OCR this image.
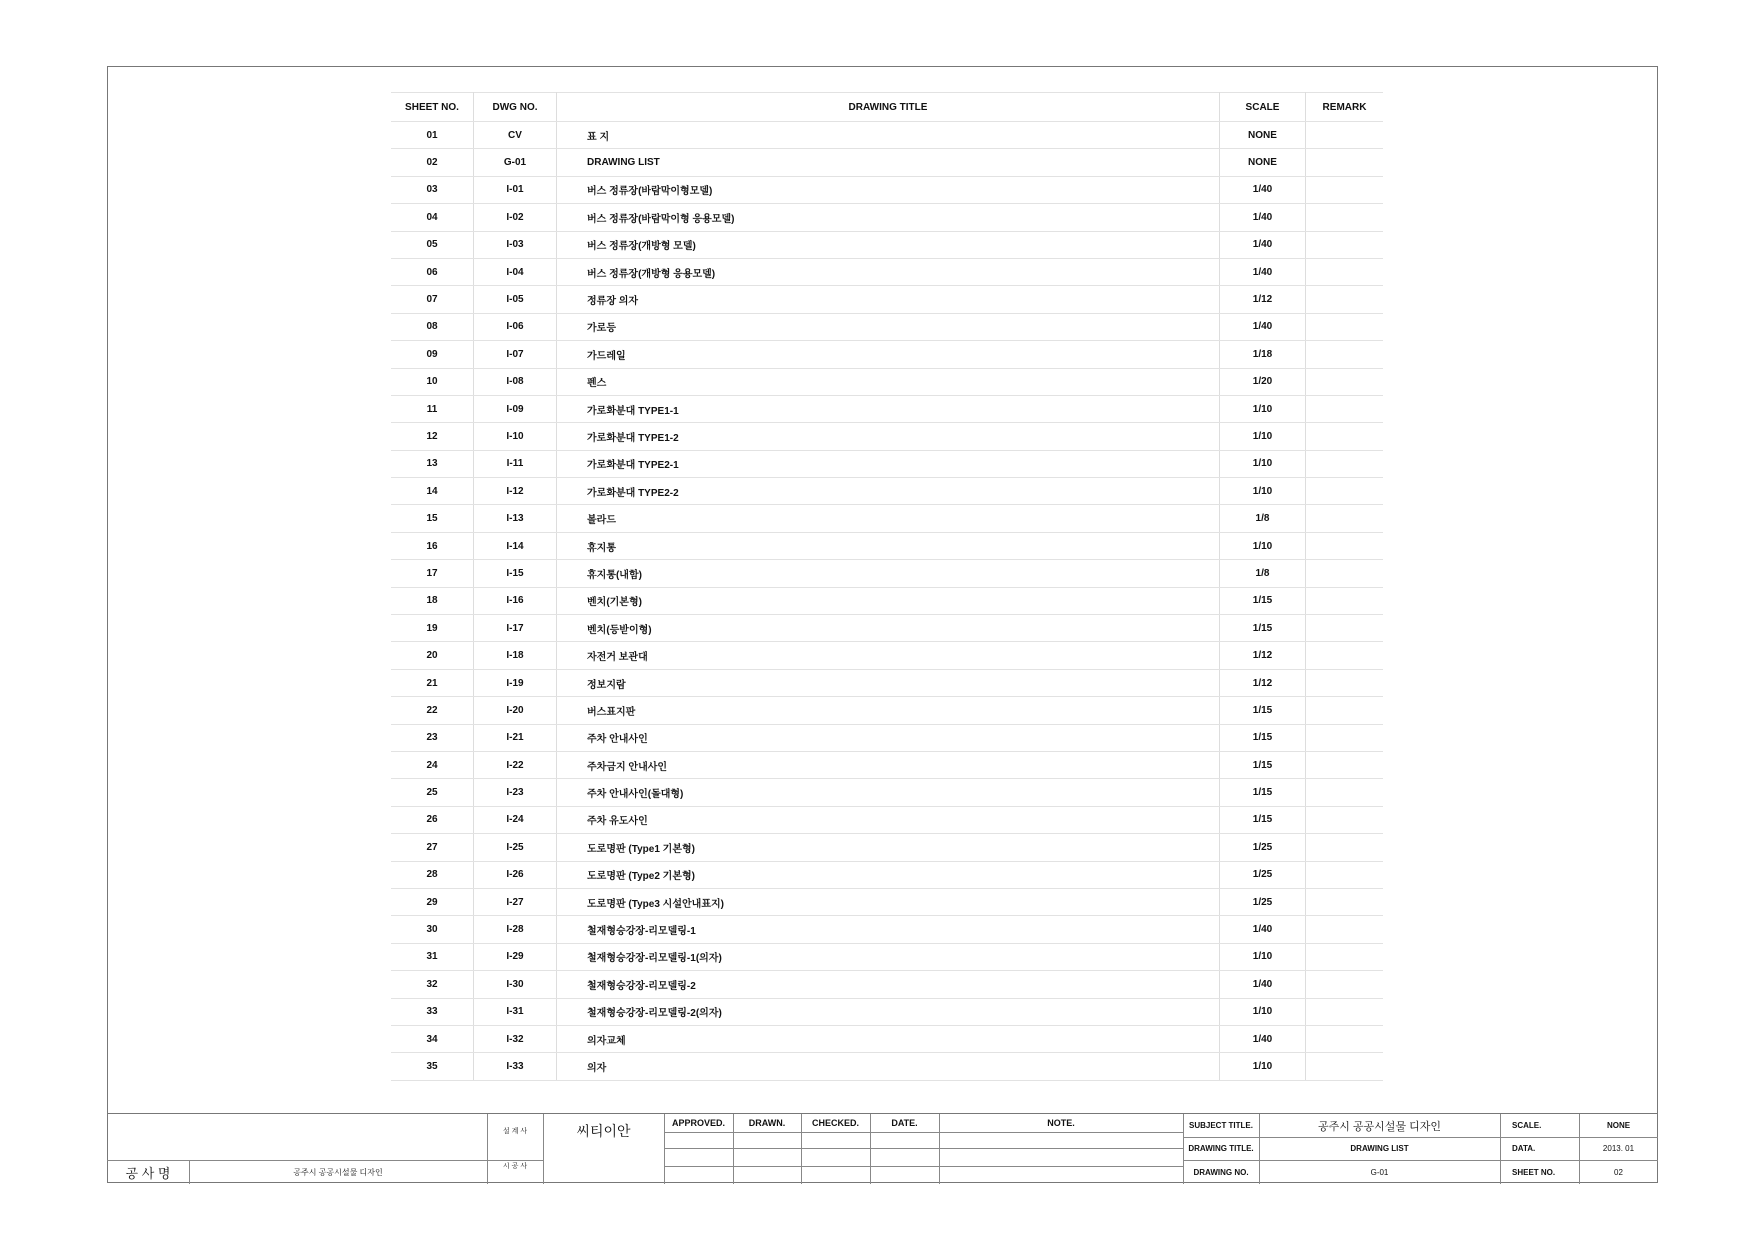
SHEET NO.	DWG NO.	DRAWING TITLE	SCALE	REMARK
01	CV	표 지	NONE	
02	G-01	DRAWING LIST	NONE	
03	I-01	버스 정류장(바람막이형모델)	1/40	
04	I-02	버스 정류장(바람막이형 응용모델)	1/40	
05	I-03	버스 정류장(개방형 모델)	1/40	
06	I-04	버스 정류장(개방형 응용모델)	1/40	
07	I-05	정류장 의자	1/12	
08	I-06	가로등	1/40	
09	I-07	가드레일	1/18	
10	I-08	펜스	1/20	
11	I-09	가로화분대 TYPE1-1	1/10	
12	I-10	가로화분대 TYPE1-2	1/10	
13	I-11	가로화분대 TYPE2-1	1/10	
14	I-12	가로화분대 TYPE2-2	1/10	
15	I-13	볼라드	1/8	
16	I-14	휴지통	1/10	
17	I-15	휴지통(내함)	1/8	
18	I-16	벤치(기본형)	1/15	
19	I-17	벤치(등받이형)	1/15	
20	I-18	자전거 보관대	1/12	
21	I-19	정보지람	1/12	
22	I-20	버스표지판	1/15	
23	I-21	주차 안내사인	1/15	
24	I-22	주차금지 안내사인	1/15	
25	I-23	주차 안내사인(돌대형)	1/15	
26	I-24	주차 유도사인	1/15	
27	I-25	도로명판 (Type1 기본형)	1/25	
28	I-26	도로명판 (Type2 기본형)	1/25	
29	I-27	도로명판 (Type3 시설안내표지)	1/25	
30	I-28	철재형승강장-리모델링-1	1/40	
31	I-29	철재형승강장-리모델링-1(의자)	1/10	
32	I-30	철재형승강장-리모델링-2	1/40	
33	I-31	철재형승강장-리모델링-2(의자)	1/10	
34	I-32	의자교체	1/40	
35	I-33	의자	1/10	
공 사 명	공주시 공공시설물 디자인
설 계 사	씨티이안
시 공 사
APPROVED.	DRAWN.	CHECKED.	DATE.	NOTE.	SUBJECT TITLE.	공주시 공공시설물 디자인
DRAWING TITLE.	DRAWING LIST
DRAWING NO.	G-01
SCALE.	NONE
DATA.	2013. 01
SHEET NO.	02
